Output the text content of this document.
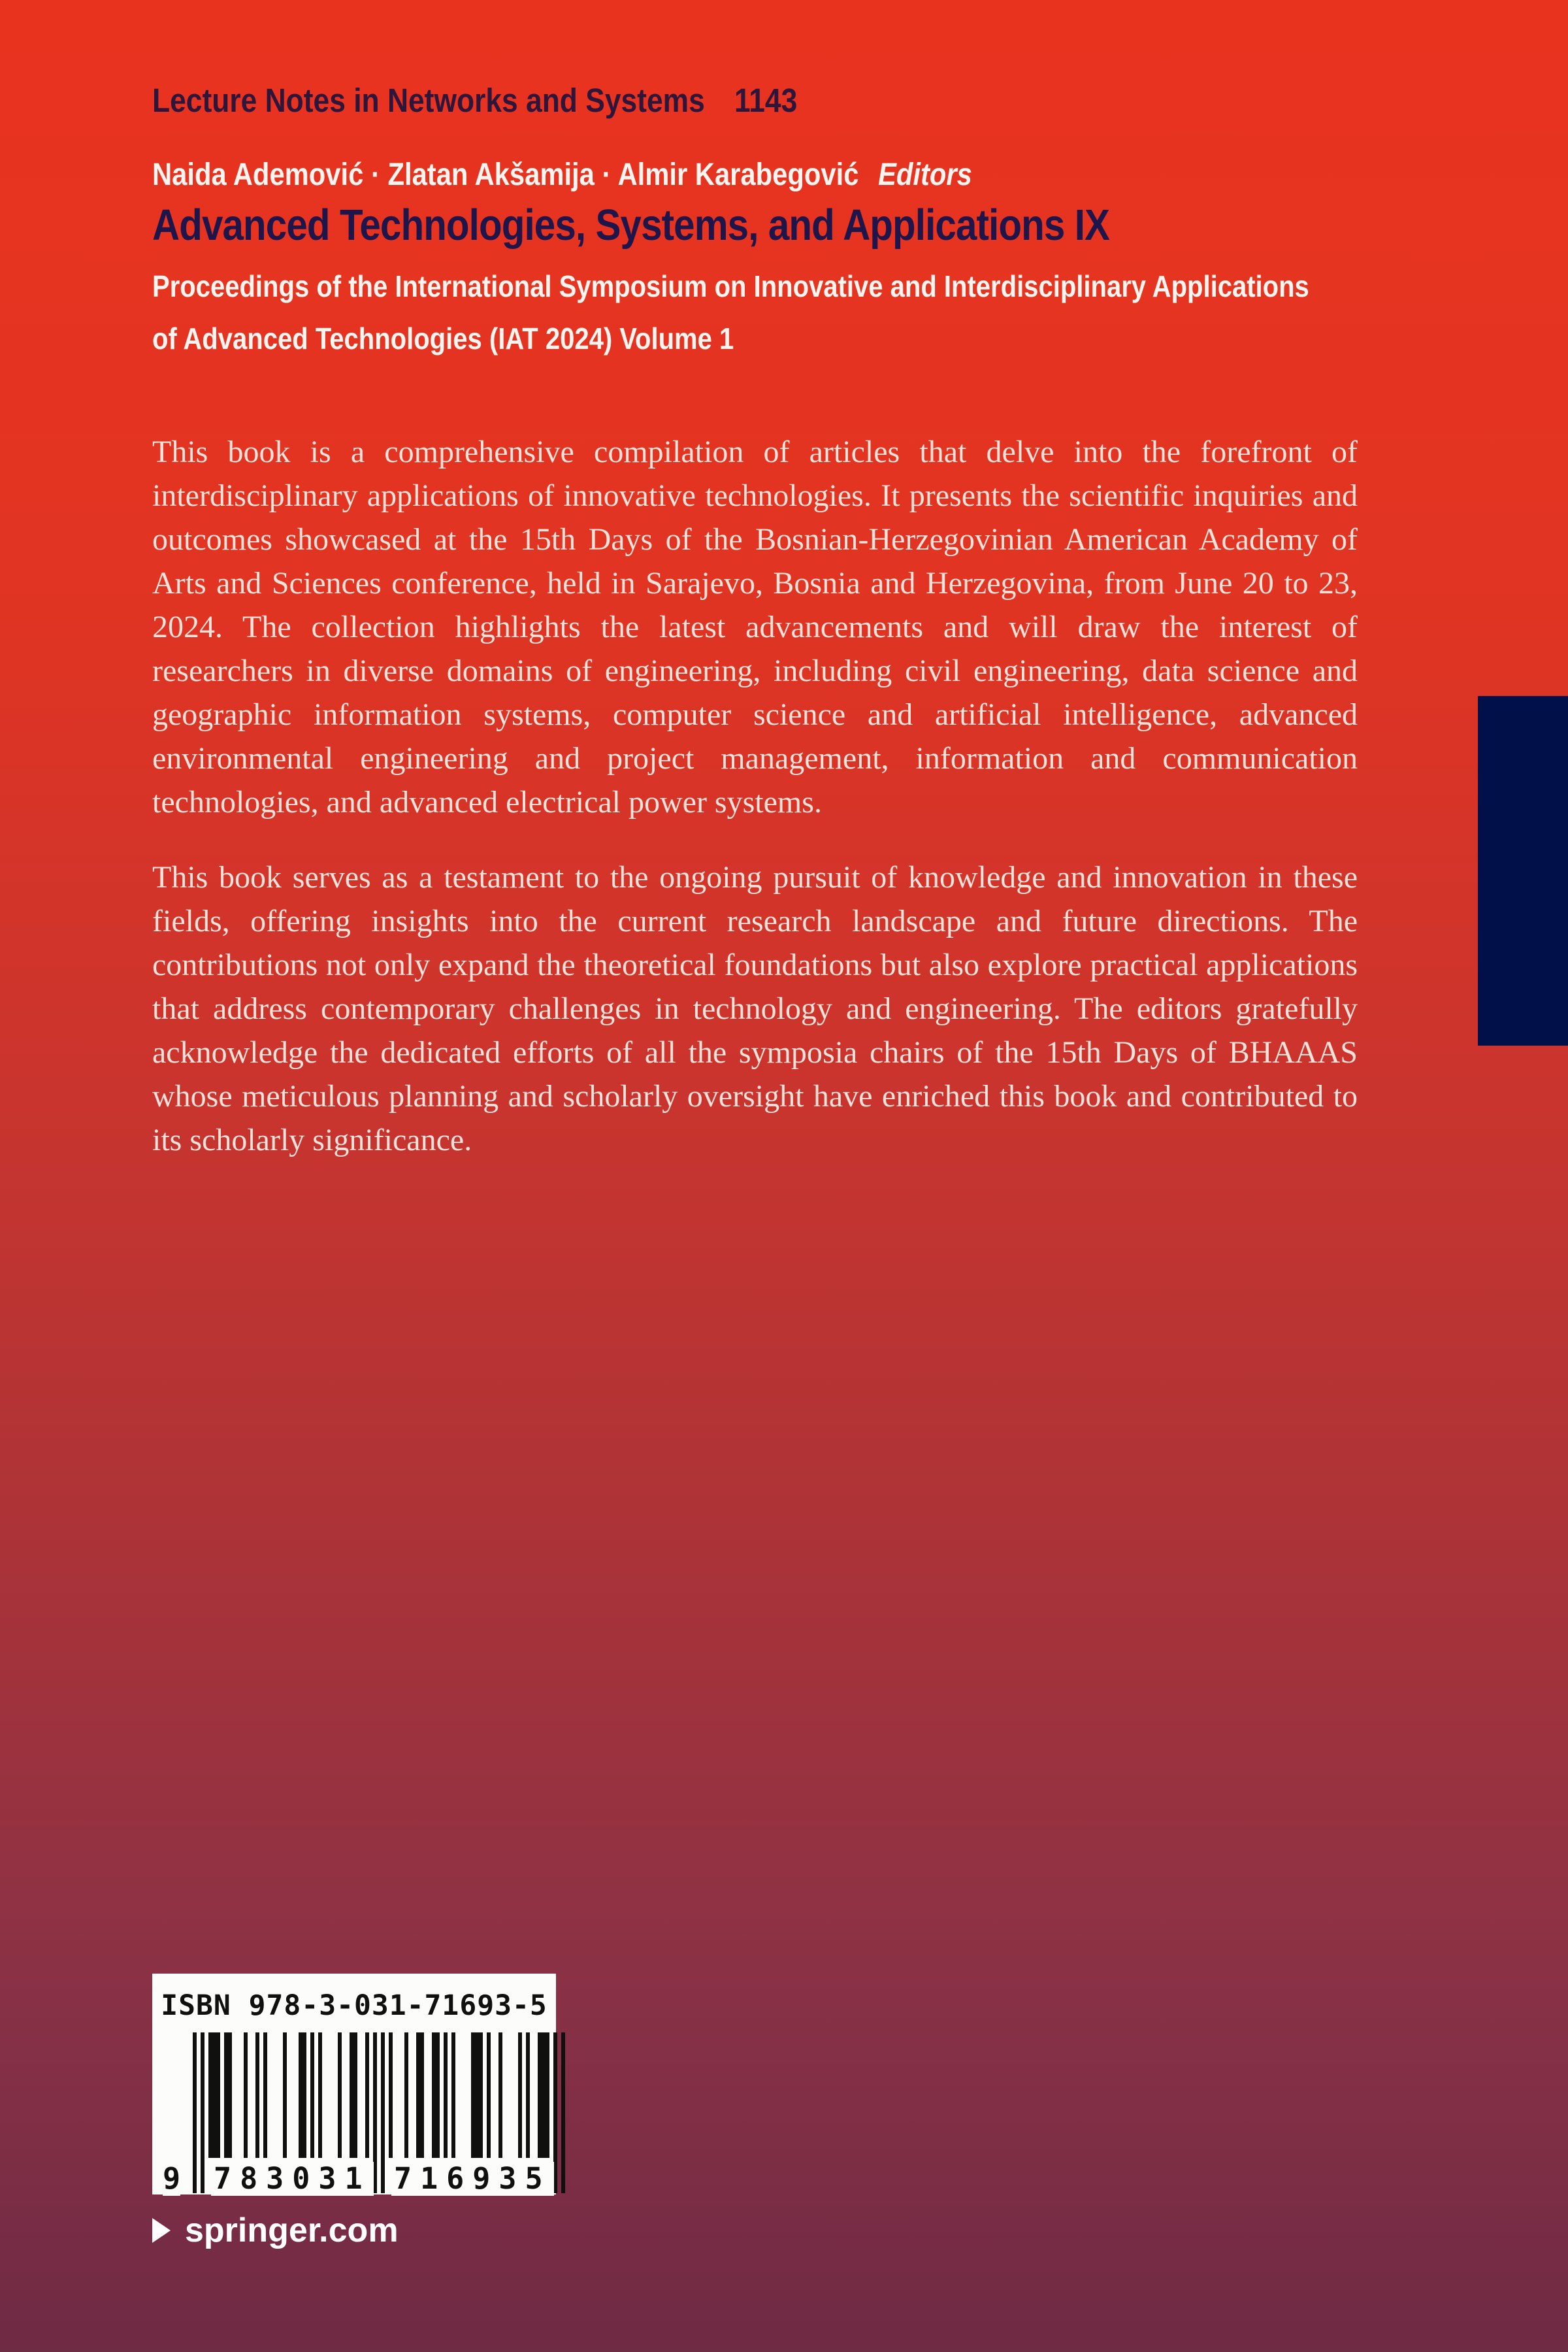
Lecture Notes in Networks and Systems 1143
Naida Ademović · Zlatan Akšamija · Almir Karabegović Editors
Advanced Technologies, Systems, and Applications IX
Proceedings of the International Symposium on Innovative and Interdisciplinary Applications
of Advanced Technologies (IAT 2024) Volume 1

This book is a comprehensive compilation of articles that delve into the forefront of interdisciplinary applications of innovative technologies. It presents the scientific inquiries and outcomes showcased at the 15th Days of the Bosnian-Herzegovinian American Academy of Arts and Sciences conference, held in Sarajevo, Bosnia and Herzegovina, from June 20 to 23, 2024. The collection highlights the latest advancements and will draw the interest of researchers in diverse domains of engineering, including civil engineering, data science and geographic information systems, computer science and artificial intelligence, advanced environmental engineering and project management, information and communication technologies, and advanced electrical power systems.

This book serves as a testament to the ongoing pursuit of knowledge and innovation in these fields, offering insights into the current research landscape and future directions. The contributions not only expand the theoretical foundations but also explore practical applications that address contemporary challenges in technology and engineering. The editors gratefully acknowledge the dedicated efforts of all the symposia chairs of the 15th Days of BHAAAS whose meticulous planning and scholarly oversight have enriched this book and contributed to its scholarly significance.

ISBN 978-3-031-71693-5
9 783031 716935
springer.com
